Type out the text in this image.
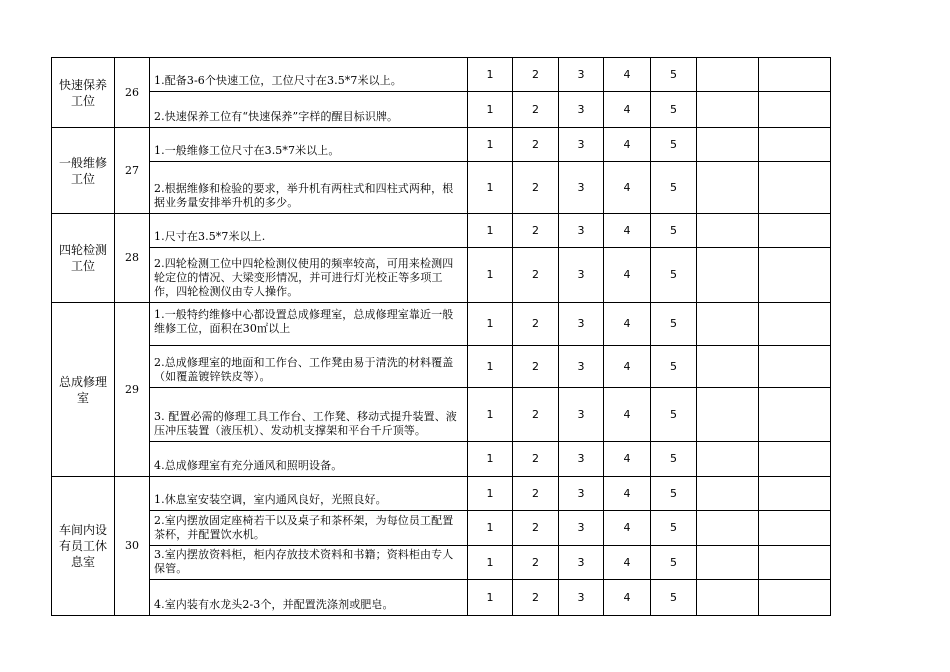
快速保养工位	26	1.配备3-6个快速工位，工位尺寸在3.5*7米以上。	1	2	3	4	5		
		2.快速保养工位有“快速保养”字样的醒目标识牌。	1	2	3	4	5		
一般维修工位	27	1.一般维修工位尺寸在3.5*7米以上。	1	2	3	4	5		
		2.根据维修和检验的要求，举升机有两柱式和四柱式两种，根据业务量安排举升机的多少。	1	2	3	4	5		
四轮检测工位	28	1.尺寸在3.5*7米以上.	1	2	3	4	5		
		2.四轮检测工位中四轮检测仪使用的频率较高，可用来检测四轮定位的情况、大梁变形情况，并可进行灯光校正等多项工作，四轮检测仪由专人操作。	1	2	3	4	5		
总成修理室	29	1.一般特约维修中心都设置总成修理室，总成修理室靠近一般维修工位，面积在30㎡以上	1	2	3	4	5		
		2.总成修理室的地面和工作台、工作凳由易于清洗的材料覆盖（如覆盖镀锌铁皮等）。	1	2	3	4	5		
		3. 配置必需的修理工具工作台、工作凳、移动式提升装置、液压冲压装置（液压机）、发动机支撑架和平台千斤顶等。	1	2	3	4	5		
		4.总成修理室有充分通风和照明设备。	1	2	3	4	5		
车间内设有员工休息室	30	1.休息室安装空调，室内通风良好，光照良好。	1	2	3	4	5		
		2.室内摆放固定座椅若干以及桌子和茶杯架，为每位员工配置茶杯，并配置饮水机。	1	2	3	4	5		
		3.室内摆放资料柜，柜内存放技术资料和书籍；资料柜由专人保管。	1	2	3	4	5		
		4.室内装有水龙头2-3个，并配置洗涤剂或肥皂。	1	2	3	4	5		
